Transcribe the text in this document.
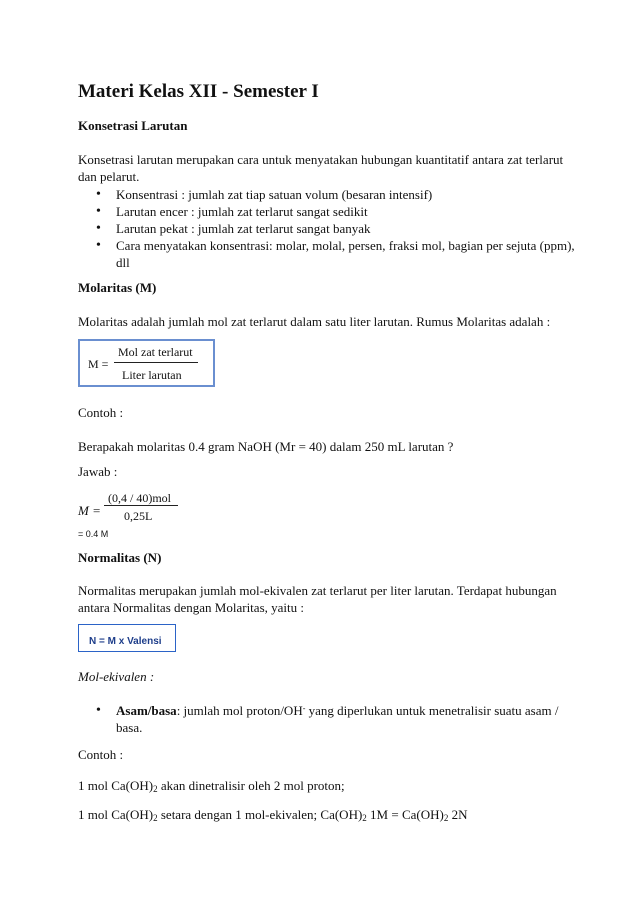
Materi Kelas XII - Semester I
Konsetrasi Larutan

Konsetrasi larutan merupakan cara untuk menyatakan hubungan kuantitatif antara zat terlarut dan pelarut.

• Konsentrasi : jumlah zat tiap satuan volum (besaran intensif)
• Larutan encer : jumlah zat terlarut sangat sedikit
• Larutan pekat : jumlah zat terlarut sangat banyak
• Cara menyatakan konsentrasi: molar, molal, persen, fraksi mol, bagian per sejuta (ppm), dll
Molaritas (M)

Molaritas adalah jumlah mol zat terlarut dalam satu liter larutan. Rumus Molaritas adalah :

M =
Mol zat terlarut
Liter larutan

Contoh :

Berapakah molaritas 0.4 gram NaOH (Mr = 40) dalam 250 mL larutan ?

Jawab :

M =
(0,4 / 40)mol
0,25L
= 0.4 M
Normalitas (N)

Normalitas merupakan jumlah mol-ekivalen zat terlarut per liter larutan. Terdapat hubungan antara Normalitas dengan Molaritas, yaitu :

N = M x Valensi

Mol-ekivalen :

• Asam/basa: jumlah mol proton/OH- yang diperlukan untuk menetralisir suatu asam / basa.

Contoh :

1 mol $Ca(OH)_2$ akan dinetralisir oleh 2 mol proton;

1 mol $Ca(OH)_2$ setara dengan 1 mol-ekivalen; $Ca(OH)_2$ $1M = Ca(OH)_2$ 2N
